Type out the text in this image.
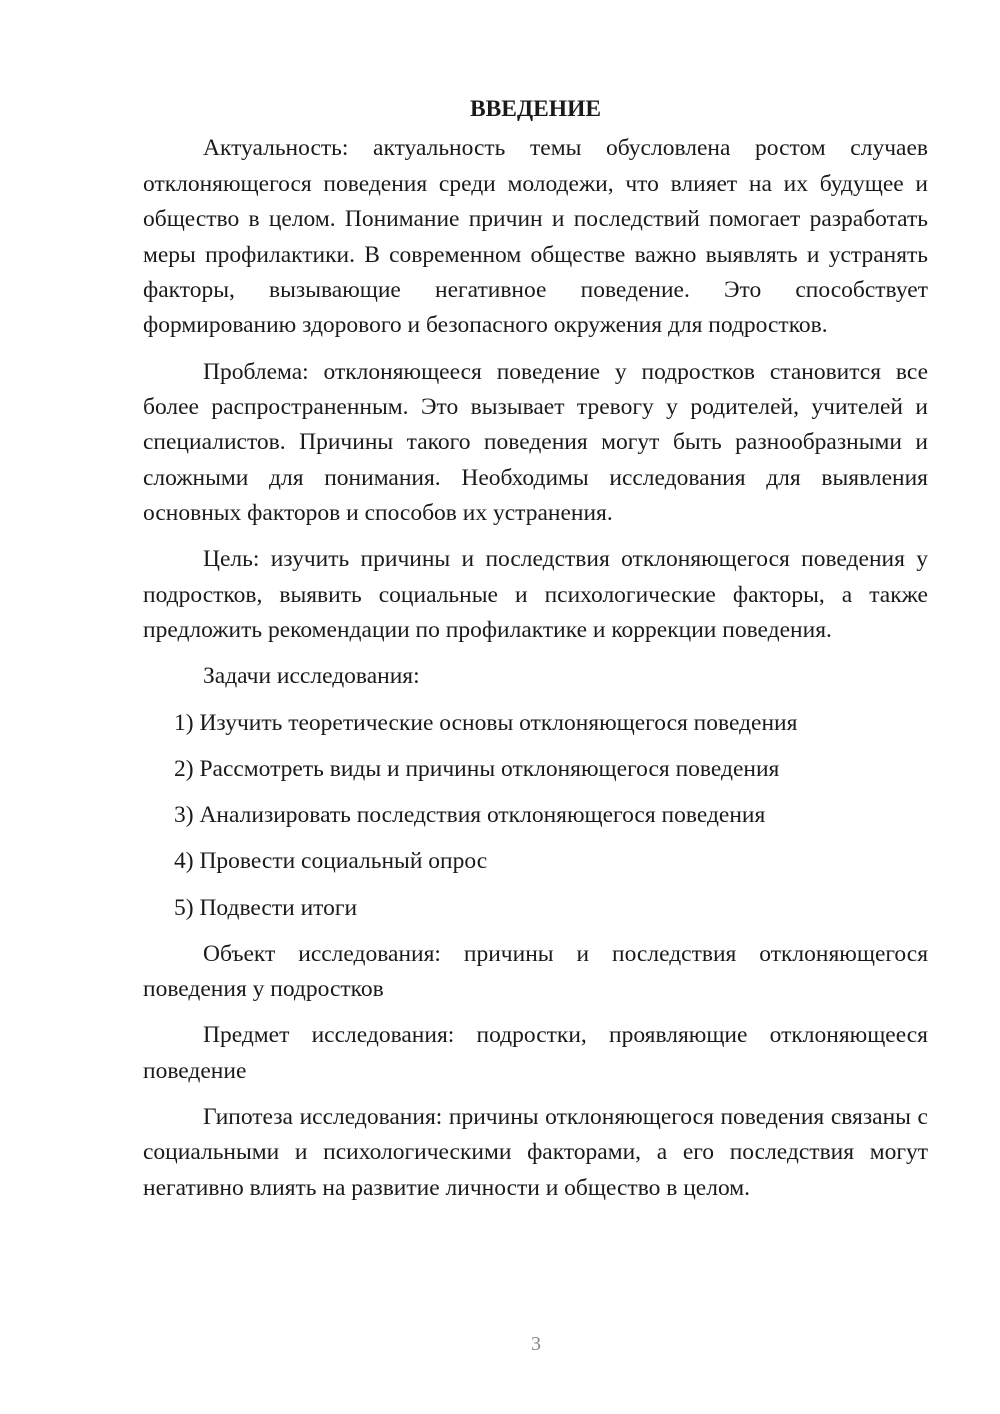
ВВЕДЕНИЕ

Актуальность: актуальность темы обусловлена ростом случаев отклоняющегося поведения среди молодежи, что влияет на их будущее и общество в целом. Понимание причин и последствий помогает разработать меры профилактики. В современном обществе важно выявлять и устранять факторы, вызывающие негативное поведение. Это способствует формированию здорового и безопасного окружения для подростков.

Проблема: отклоняющееся поведение у подростков становится все более распространенным. Это вызывает тревогу у родителей, учителей и специалистов. Причины такого поведения могут быть разнообразными и сложными для понимания. Необходимы исследования для выявления основных факторов и способов их устранения.

Цель: изучить причины и последствия отклоняющегося поведения у подростков, выявить социальные и психологические факторы, а также предложить рекомендации по профилактике и коррекции поведения.

Задачи исследования:

1) Изучить теоретические основы отклоняющегося поведения

2) Рассмотреть виды и причины отклоняющегося поведения

3) Анализировать последствия отклоняющегося поведения

4) Провести социальный опрос

5) Подвести итоги

Объект исследования: причины и последствия отклоняющегося поведения у подростков

Предмет исследования: подростки, проявляющие отклоняющееся поведение

Гипотеза исследования: причины отклоняющегося поведения связаны с социальными и психологическими факторами, а его последствия могут негативно влиять на развитие личности и общество в целом.

3
